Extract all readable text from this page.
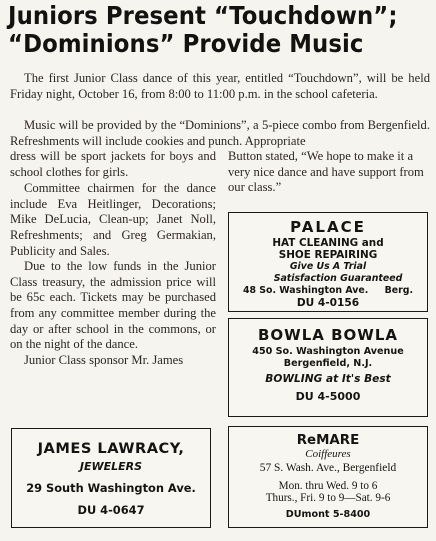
Juniors Present “Touchdown”;
“Dominions” Provide Music
The first Junior Class dance of this year, entitled “Touchdown”, will be held Friday night, October 16, from 8:00 to 11:00 p.m. in the school cafeteria.
Music will be provided by the “Dominions”, a 5-piece combo from Bergenfield. Refreshments will include cookies and punch. Appropriate

dress will be sport jackets for boys and school clothes for girls.

Committee chairmen for the dance include Eva Heitlinger, Decorations; Mike DeLucia, Clean-up; Janet Noll, Refreshments; and Greg Germakian, Publicity and Sales.

Due to the low funds in the Junior Class treasury, the admission price will be 65c each. Tickets may be purchased from any committee member during the day or after school in the commons, or on the night of the dance.

Junior Class sponsor Mr. James

Button stated, “We hope to make it a very nice dance and have support from our class.”
PALACE
HAT CLEANING and
SHOE REPAIRING
Give Us A Trial
Satisfaction Guaranteed
48 So. Washington Ave.     Berg.
DU 4-0156
BOWLA BOWLA
450 So. Washington Avenue
Bergenfield, N.J.
BOWLING at It's Best
DU 4-5000
JAMES LAWRACY,
JEWELERS
29 South Washington Ave.
DU 4-0647
ReMARE
Coiffeures
57 S. Wash. Ave., Bergenfield
Mon. thru Wed. 9 to 6
Thurs., Fri. 9 to 9—Sat. 9-6
DUmont 5-8400
